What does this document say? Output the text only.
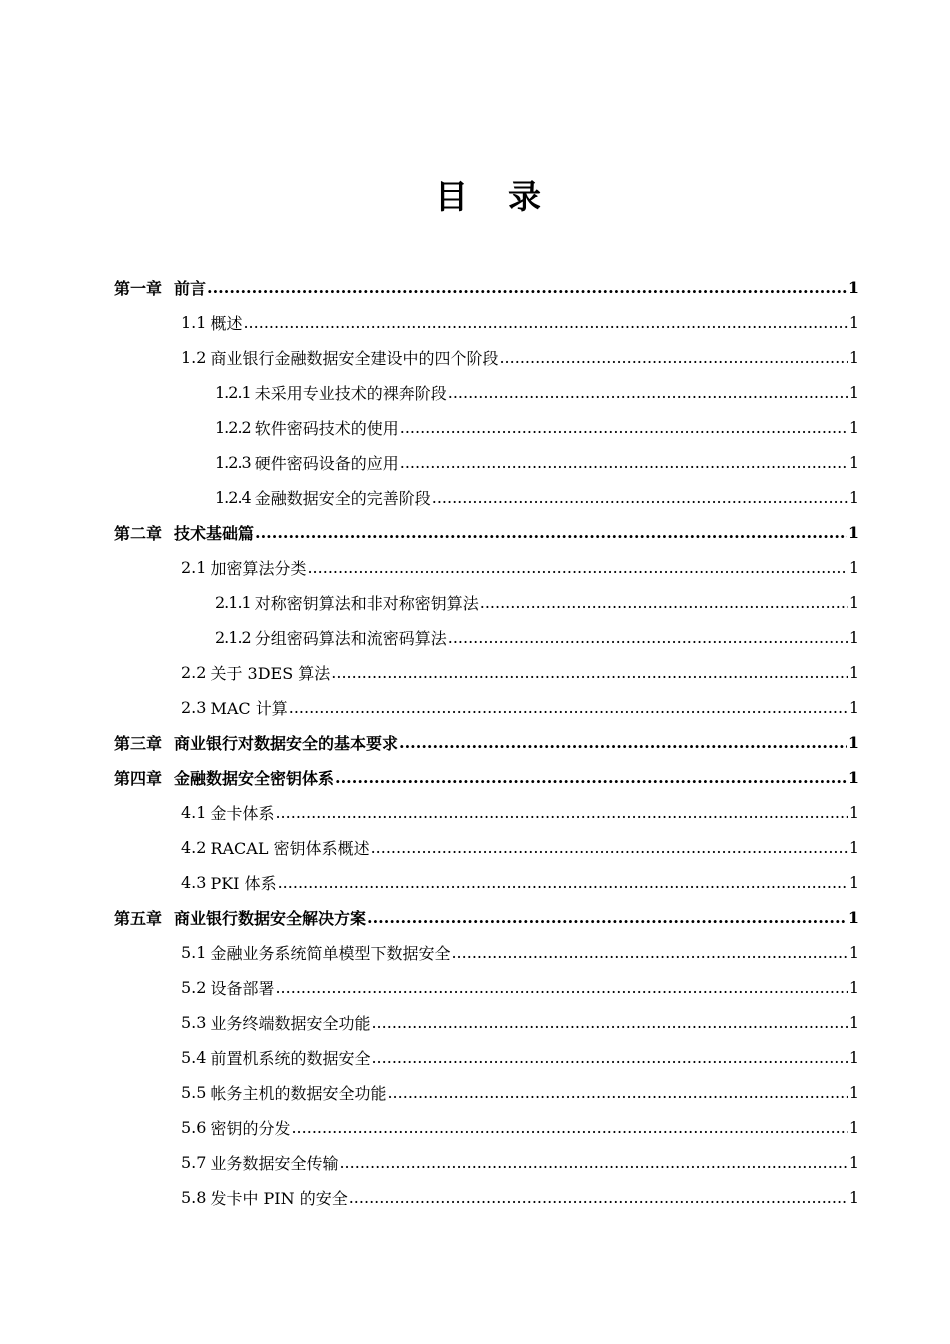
目 录
第一章 前言 .....	1
1.1 概述 .....	1
1.2 商业银行金融数据安全建设中的四个阶段 .....	1
1.2.1 未采用专业技术的裸奔阶段 .....	1
1.2.2 软件密码技术的使用 .....	1
1.2.3 硬件密码设备的应用 .....	1
1.2.4 金融数据安全的完善阶段 .....	1
第二章 技术基础篇 .....	1
2.1 加密算法分类 .....	1
2.1.1 对称密钥算法和非对称密钥算法 .....	1
2.1.2 分组密码算法和流密码算法 .....	1
2.2 关于 3DES 算法 .....	1
2.3 MAC 计算 .....	1
第三章 商业银行对数据安全的基本要求 .....	1
第四章 金融数据安全密钥体系 .....	1
4.1 金卡体系 .....	1
4.2 RACAL 密钥体系概述 .....	1
4.3 PKI 体系 .....	1
第五章 商业银行数据安全解决方案 .....	1
5.1 金融业务系统简单模型下数据安全 .....	1
5.2 设备部署 .....	1
5.3 业务终端数据安全功能 .....	1
5.4 前置机系统的数据安全 .....	1
5.5 帐务主机的数据安全功能 .....	1
5.6 密钥的分发 .....	1
5.7 业务数据安全传输 .....	1
5.8 发卡中 PIN 的安全 .....	1
